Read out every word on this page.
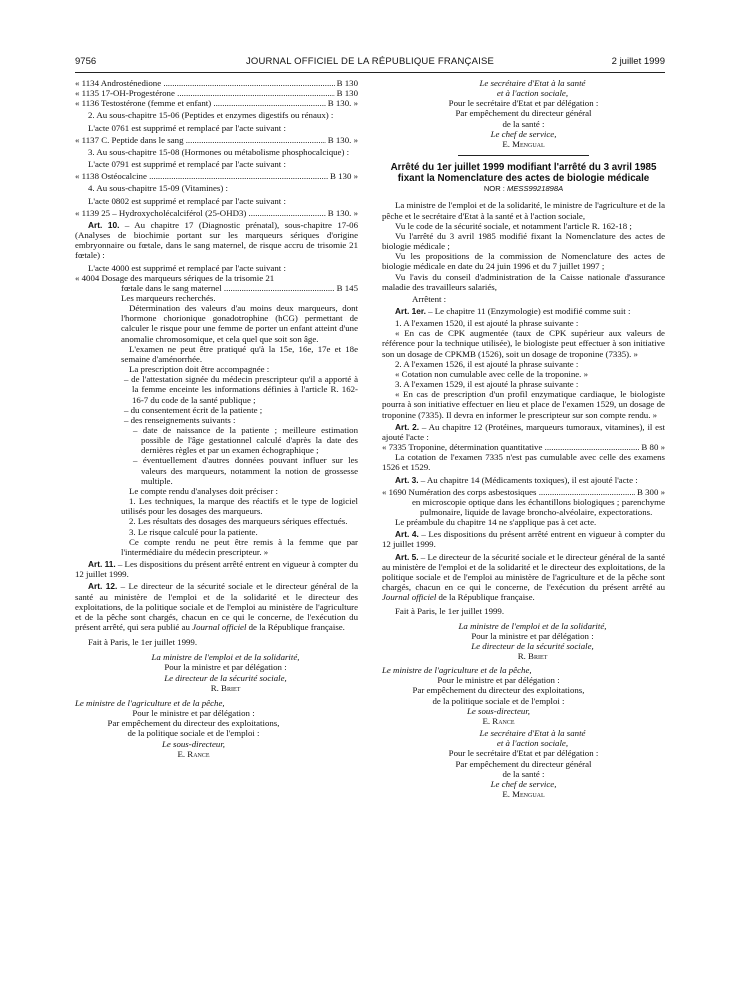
9756	JOURNAL OFFICIEL DE LA RÉPUBLIQUE FRANÇAISE	2 juillet 1999
« 1134 Androsténedione .....	B 130
« 1135 17-OH-Progestérone .....	B 130
« 1136 Testostérone (femme et enfant) .....	B 130. »

2. Au sous-chapitre 15-06 (Peptides et enzymes digestifs ou rénaux) :

L'acte 0761 est supprimé et remplacé par l'acte suivant :

« 1137 C. Peptide dans le sang .....	B 130. »

3. Au sous-chapitre 15-08 (Hormones ou métabolisme phosphocalcique) :

L'acte 0791 est supprimé et remplacé par l'acte suivant :

« 1138 Ostéocalcine .....	B 130 »

4. Au sous-chapitre 15-09 (Vitamines) :

L'acte 0802 est supprimé et remplacé par l'acte suivant :

« 1139 25 – Hydroxycholécalciférol (25-OHD3) .....	B 130. »

Art. 10. – Au chapitre 17 (Diagnostic prénatal), sous-chapitre 17-06 (Analyses de biochimie portant sur les marqueurs sériques d'origine embryonnaire ou fœtale, dans le sang maternel, de risque accru de trisomie 21 fœtale) :

L'acte 4000 est supprimé et remplacé par l'acte suivant :

« 4004 Dosage des marqueurs sériques de la trisomie 21
fœtale dans le sang maternel .....	B 145
Les marqueurs recherchés.
Détermination des valeurs d'au moins deux marqueurs, dont l'hormone chorionique gonadotrophine (hCG) permettant de calculer le risque pour une femme de porter un enfant atteint d'une anomalie chromosomique, et cela quel que soit son âge.
L'examen ne peut être pratiqué qu'à la 15e, 16e, 17e et 18e semaine d'aménorrhée.
La prescription doit être accompagnée :
– de l'attestation signée du médecin prescripteur qu'il a apporté à la femme enceinte les informations définies à l'article R. 162-16-7 du code de la santé publique ;
– du consentement écrit de la patiente ;
– des renseignements suivants :
– date de naissance de la patiente ; meilleure estimation possible de l'âge gestationnel calculé d'après la date des dernières règles et par un examen échographique ;
– éventuellement d'autres données pouvant influer sur les valeurs des marqueurs, notamment la notion de grossesse multiple.
Le compte rendu d'analyses doit préciser :
1. Les techniques, la marque des réactifs et le type de logiciel utilisés pour les dosages des marqueurs.
2. Les résultats des dosages des marqueurs sériques effectués.
3. Le risque calculé pour la patiente.
Ce compte rendu ne peut être remis à la femme que par l'intermédiaire du médecin prescripteur. »

Art. 11. – Les dispositions du présent arrêté entrent en vigueur à compter du 12 juillet 1999.

Art. 12. – Le directeur de la sécurité sociale et le directeur général de la santé au ministère de l'emploi et de la solidarité et le directeur des exploitations, de la politique sociale et de l'emploi au ministère de l'agriculture et de la pêche sont chargés, chacun en ce qui le concerne, de l'exécution du présent arrêté, qui sera publié au Journal officiel de la République française.

Fait à Paris, le 1er juillet 1999.

La ministre de l'emploi et de la solidarité,
Pour la ministre et par délégation :
Le directeur de la sécurité sociale,
R. Briet
Le ministre de l'agriculture et de la pêche,
Pour le ministre et par délégation :
Par empêchement du directeur des exploitations,
de la politique sociale et de l'emploi :
Le sous-directeur,
E. Rance
Le secrétaire d'Etat à la santé
et à l'action sociale,
Pour le secrétaire d'Etat et par délégation :
Par empêchement du directeur général
de la santé :
Le chef de service,
E. Mengual
Arrêté du 1er juillet 1999 modifiant l'arrêté du 3 avril 1985 fixant la Nomenclature des actes de biologie médicale
NOR : MESS9921898A

La ministre de l'emploi et de la solidarité, le ministre de l'agriculture et de la pêche et le secrétaire d'Etat à la santé et à l'action sociale,

Vu le code de la sécurité sociale, et notamment l'article R. 162-18 ;

Vu l'arrêté du 3 avril 1985 modifié fixant la Nomenclature des actes de biologie médicale ;

Vu les propositions de la commission de Nomenclature des actes de biologie médicale en date du 24 juin 1996 et du 7 juillet 1997 ;

Vu l'avis du conseil d'administration de la Caisse nationale d'assurance maladie des travailleurs salariés,

Arrêtent :

Art. 1er. – Le chapitre 11 (Enzymologie) est modifié comme suit :

1. A l'examen 1520, il est ajouté la phrase suivante :

« En cas de CPK augmentée (taux de CPK supérieur aux valeurs de référence pour la technique utilisée), le biologiste peut effectuer à son initiative son un dosage de CPKMB (1526), soit un dosage de troponine (7335). »

2. A l'examen 1526, il est ajouté la phrase suivante :

« Cotation non cumulable avec celle de la troponine. »

3. A l'examen 1529, il est ajouté la phrase suivante :

« En cas de prescription d'un profil enzymatique cardiaque, le biologiste pourra à son initiative effectuer en lieu et place de l'examen 1529, un dosage de troponine (7335). Il devra en informer le prescripteur sur son compte rendu. »

Art. 2. – Au chapitre 12 (Protéines, marqueurs tumoraux, vitamines), il est ajouté l'acte :

« 7335 Troponine, détermination quantitative .....	B 80 »

La cotation de l'examen 7335 n'est pas cumulable avec celle des examens 1526 et 1529.

Art. 3. – Au chapitre 14 (Médicaments toxiques), il est ajouté l'acte :

« 1690 Numération des corps asbestosiques .....	B 300 »
en microscopie optique dans les échantillons biologiques ; parenchyme pulmonaire, liquide de lavage broncho-alvéolaire, expectorations.

Le préambule du chapitre 14 ne s'applique pas à cet acte.

Art. 4. – Les dispositions du présent arrêté entrent en vigueur à compter du 12 juillet 1999.

Art. 5. – Le directeur de la sécurité sociale et le directeur général de la santé au ministère de l'emploi et de la solidarité et le directeur des exploitations, de la politique sociale et de l'emploi au ministère de l'agriculture et de la pêche sont chargés, chacun en ce qui le concerne, de l'exécution du présent arrêté au Journal officiel de la République française.

Fait à Paris, le 1er juillet 1999.

La ministre de l'emploi et de la solidarité,
Pour la ministre et par délégation :
Le directeur de la sécurité sociale,
R. Briet
Le ministre de l'agriculture et de la pêche,
Pour le ministre et par délégation :
Par empêchement du directeur des exploitations,
de la politique sociale et de l'emploi :
Le sous-directeur,
E. Rance
Le secrétaire d'Etat à la santé
et à l'action sociale,
Pour le secrétaire d'Etat et par délégation :
Par empêchement du directeur général
de la santé :
Le chef de service,
E. Mengual
